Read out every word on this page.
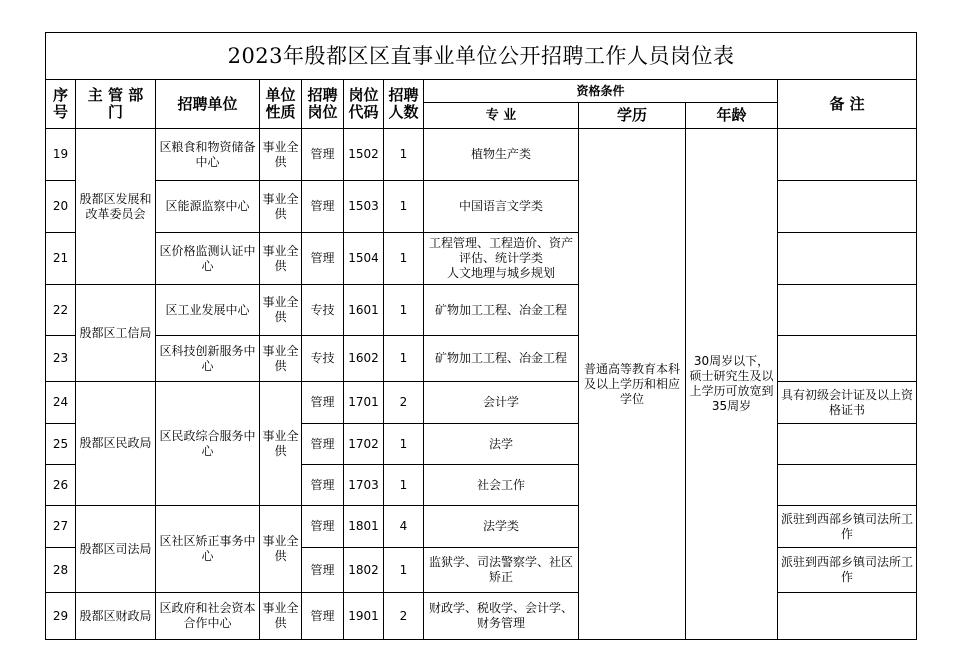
2023年殷都区区直事业单位公开招聘工作人员岗位表										
序号	主 管 部 门	招聘单位	单位性质	招聘岗位	岗位代码	招聘人数	资格条件			备 注
							专 业	学历	年龄	
19	殷都区发展和改革委员会	区粮食和物资储备中心	事业全供	管理	1502	1	植物生产类	普通高等教育本科及以上学历和相应学位	30周岁以下，硕士研究生及以上学历可放宽到35周岁	
20		区能源监察中心	事业全供	管理	1503	1	中国语言文学类			
21		区价格监测认证中心	事业全供	管理	1504	1	工程管理、工程造价、资产评估、统计学类
人文地理与城乡规划			
22	殷都区工信局	区工业发展中心	事业全供	专技	1601	1	矿物加工工程、冶金工程			
23		区科技创新服务中心	事业全供	专技	1602	1	矿物加工工程、冶金工程			
24	殷都区民政局	区民政综合服务中心	事业全供	管理	1701	2	会计学			具有初级会计证及以上资格证书
25				管理	1702	1	法学			
26				管理	1703	1	社会工作			
27	殷都区司法局	区社区矫正事务中心	事业全供	管理	1801	4	法学类			派驻到西部乡镇司法所工作
28				管理	1802	1	监狱学、司法警察学、社区矫正			派驻到西部乡镇司法所工作
29	殷都区财政局	区政府和社会资本合作中心	事业全供	管理	1901	2	财政学、税收学、会计学、财务管理			
